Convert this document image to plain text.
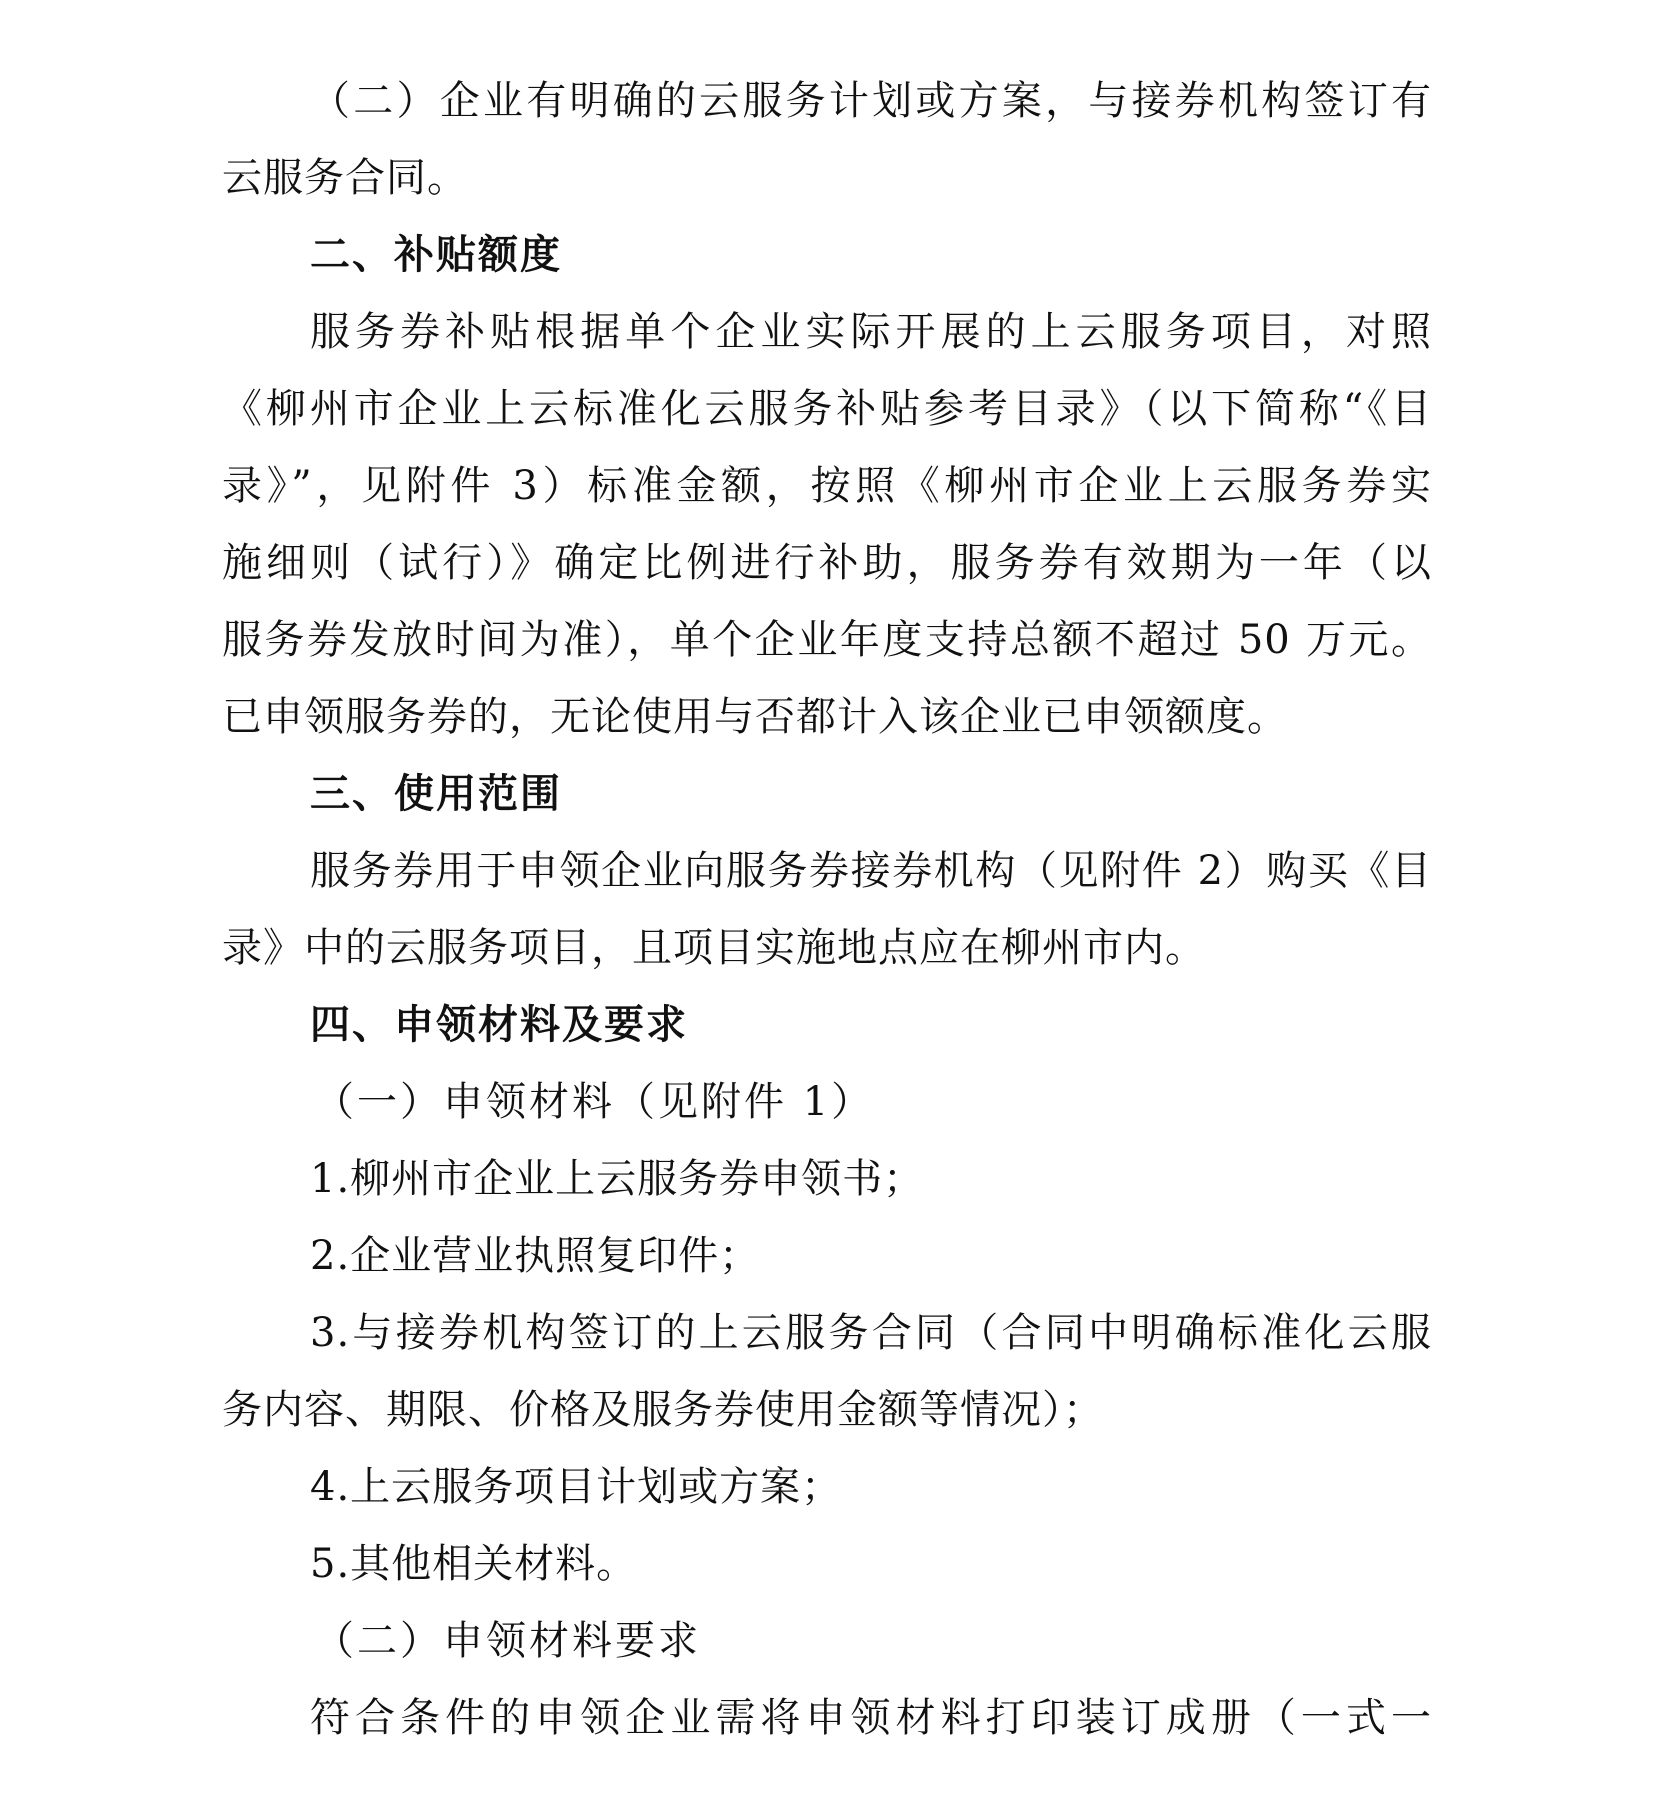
（二）企业有明确的云服务计划或方案，与接券机构签订有
云服务合同。
二、补贴额度
服务券补贴根据单个企业实际开展的上云服务项目，对照
《柳州市企业上云标准化云服务补贴参考目录》（以下简称“《目
录》”，见附件 3）标准金额，按照《柳州市企业上云服务券实
施细则（试行）》确定比例进行补助，服务券有效期为一年（以
服务券发放时间为准），单个企业年度支持总额不超过 50 万元。
已申领服务券的，无论使用与否都计入该企业已申领额度。
三、使用范围
服务券用于申领企业向服务券接券机构（见附件 2）购买《目
录》中的云服务项目，且项目实施地点应在柳州市内。
四、申领材料及要求
（一）申领材料（见附件 1）
1.柳州市企业上云服务券申领书；
2.企业营业执照复印件；
3.与接券机构签订的上云服务合同（合同中明确标准化云服
务内容、期限、价格及服务券使用金额等情况）；
4.上云服务项目计划或方案；
5.其他相关材料。
（二）申领材料要求
符合条件的申领企业需将申领材料打印装订成册（一式一
